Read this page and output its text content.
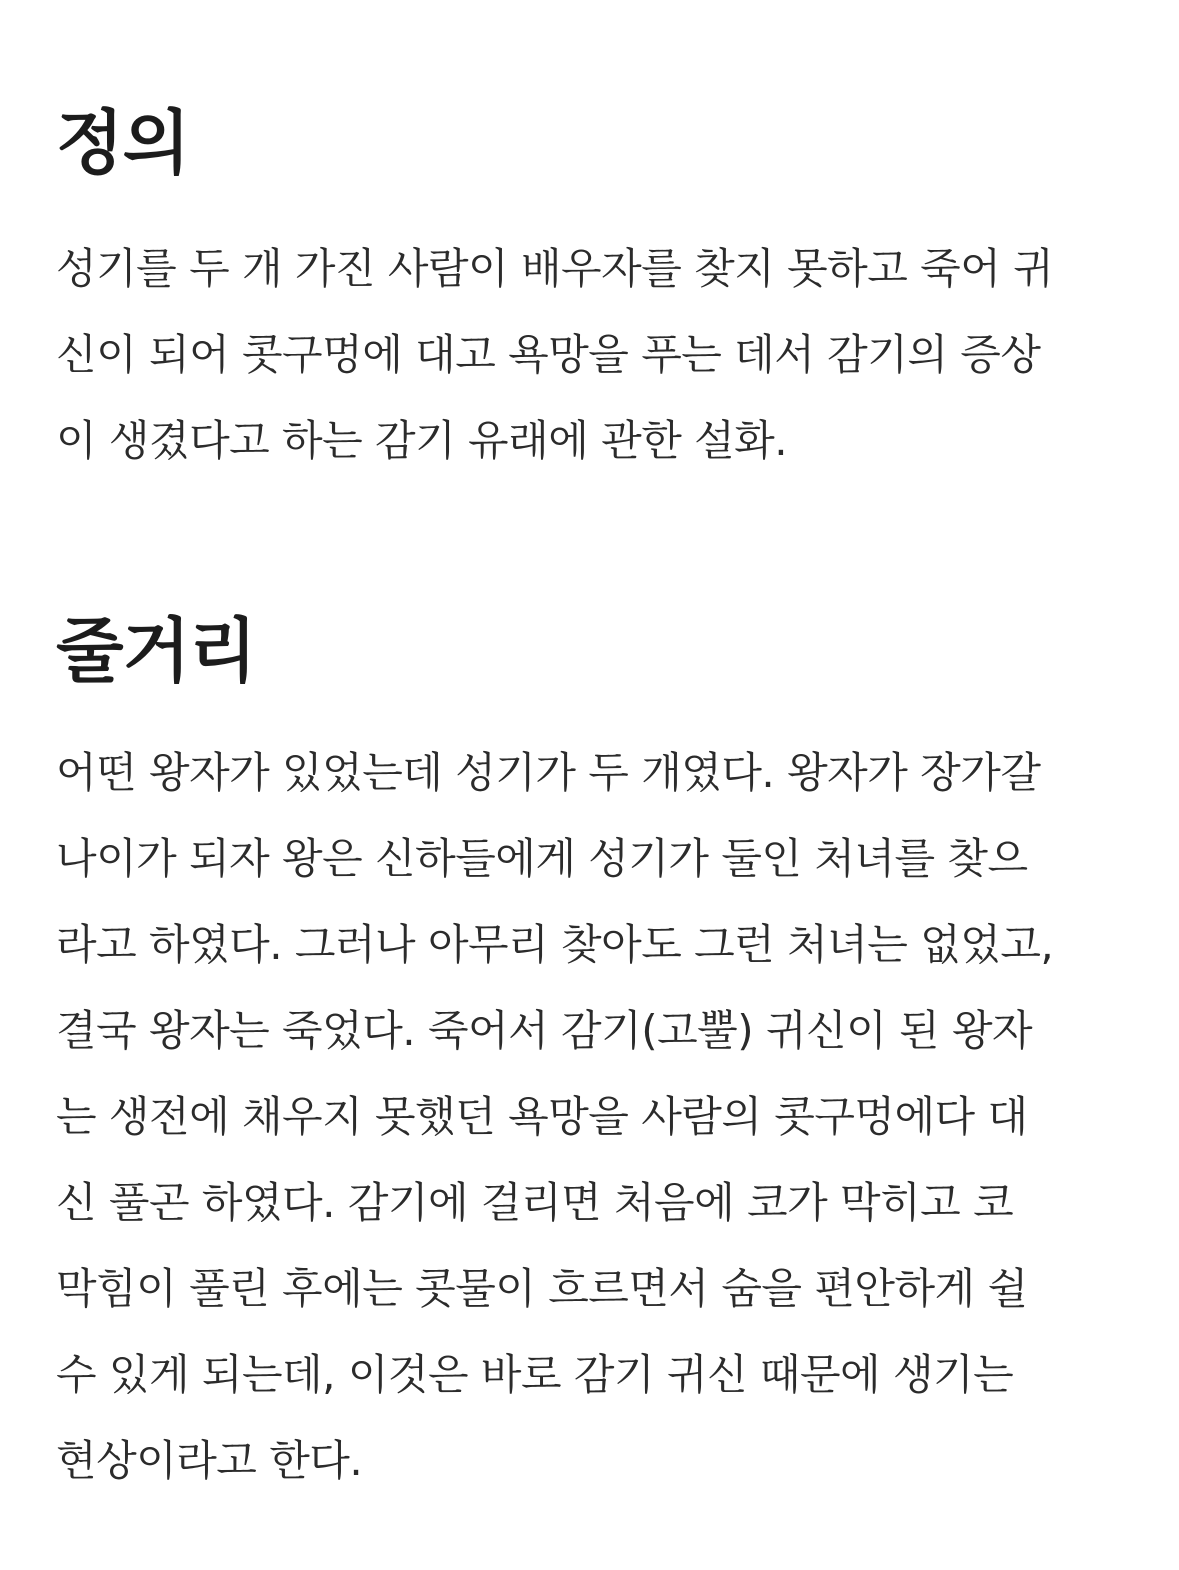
정의

성기를 두 개 가진 사람이 배우자를 찾지 못하고 죽어 귀
신이 되어 콧구멍에 대고 욕망을 푸는 데서 감기의 증상
이 생겼다고 하는 감기 유래에 관한 설화.

줄거리

어떤 왕자가 있었는데 성기가 두 개였다. 왕자가 장가갈
나이가 되자 왕은 신하들에게 성기가 둘인 처녀를 찾으
라고 하였다. 그러나 아무리 찾아도 그런 처녀는 없었고,
결국 왕자는 죽었다. 죽어서 감기(고뿔) 귀신이 된 왕자
는 생전에 채우지 못했던 욕망을 사람의 콧구멍에다 대
신 풀곤 하였다. 감기에 걸리면 처음에 코가 막히고 코
막힘이 풀린 후에는 콧물이 흐르면서 숨을 편안하게 쉴
수 있게 되는데, 이것은 바로 감기 귀신 때문에 생기는
현상이라고 한다.
